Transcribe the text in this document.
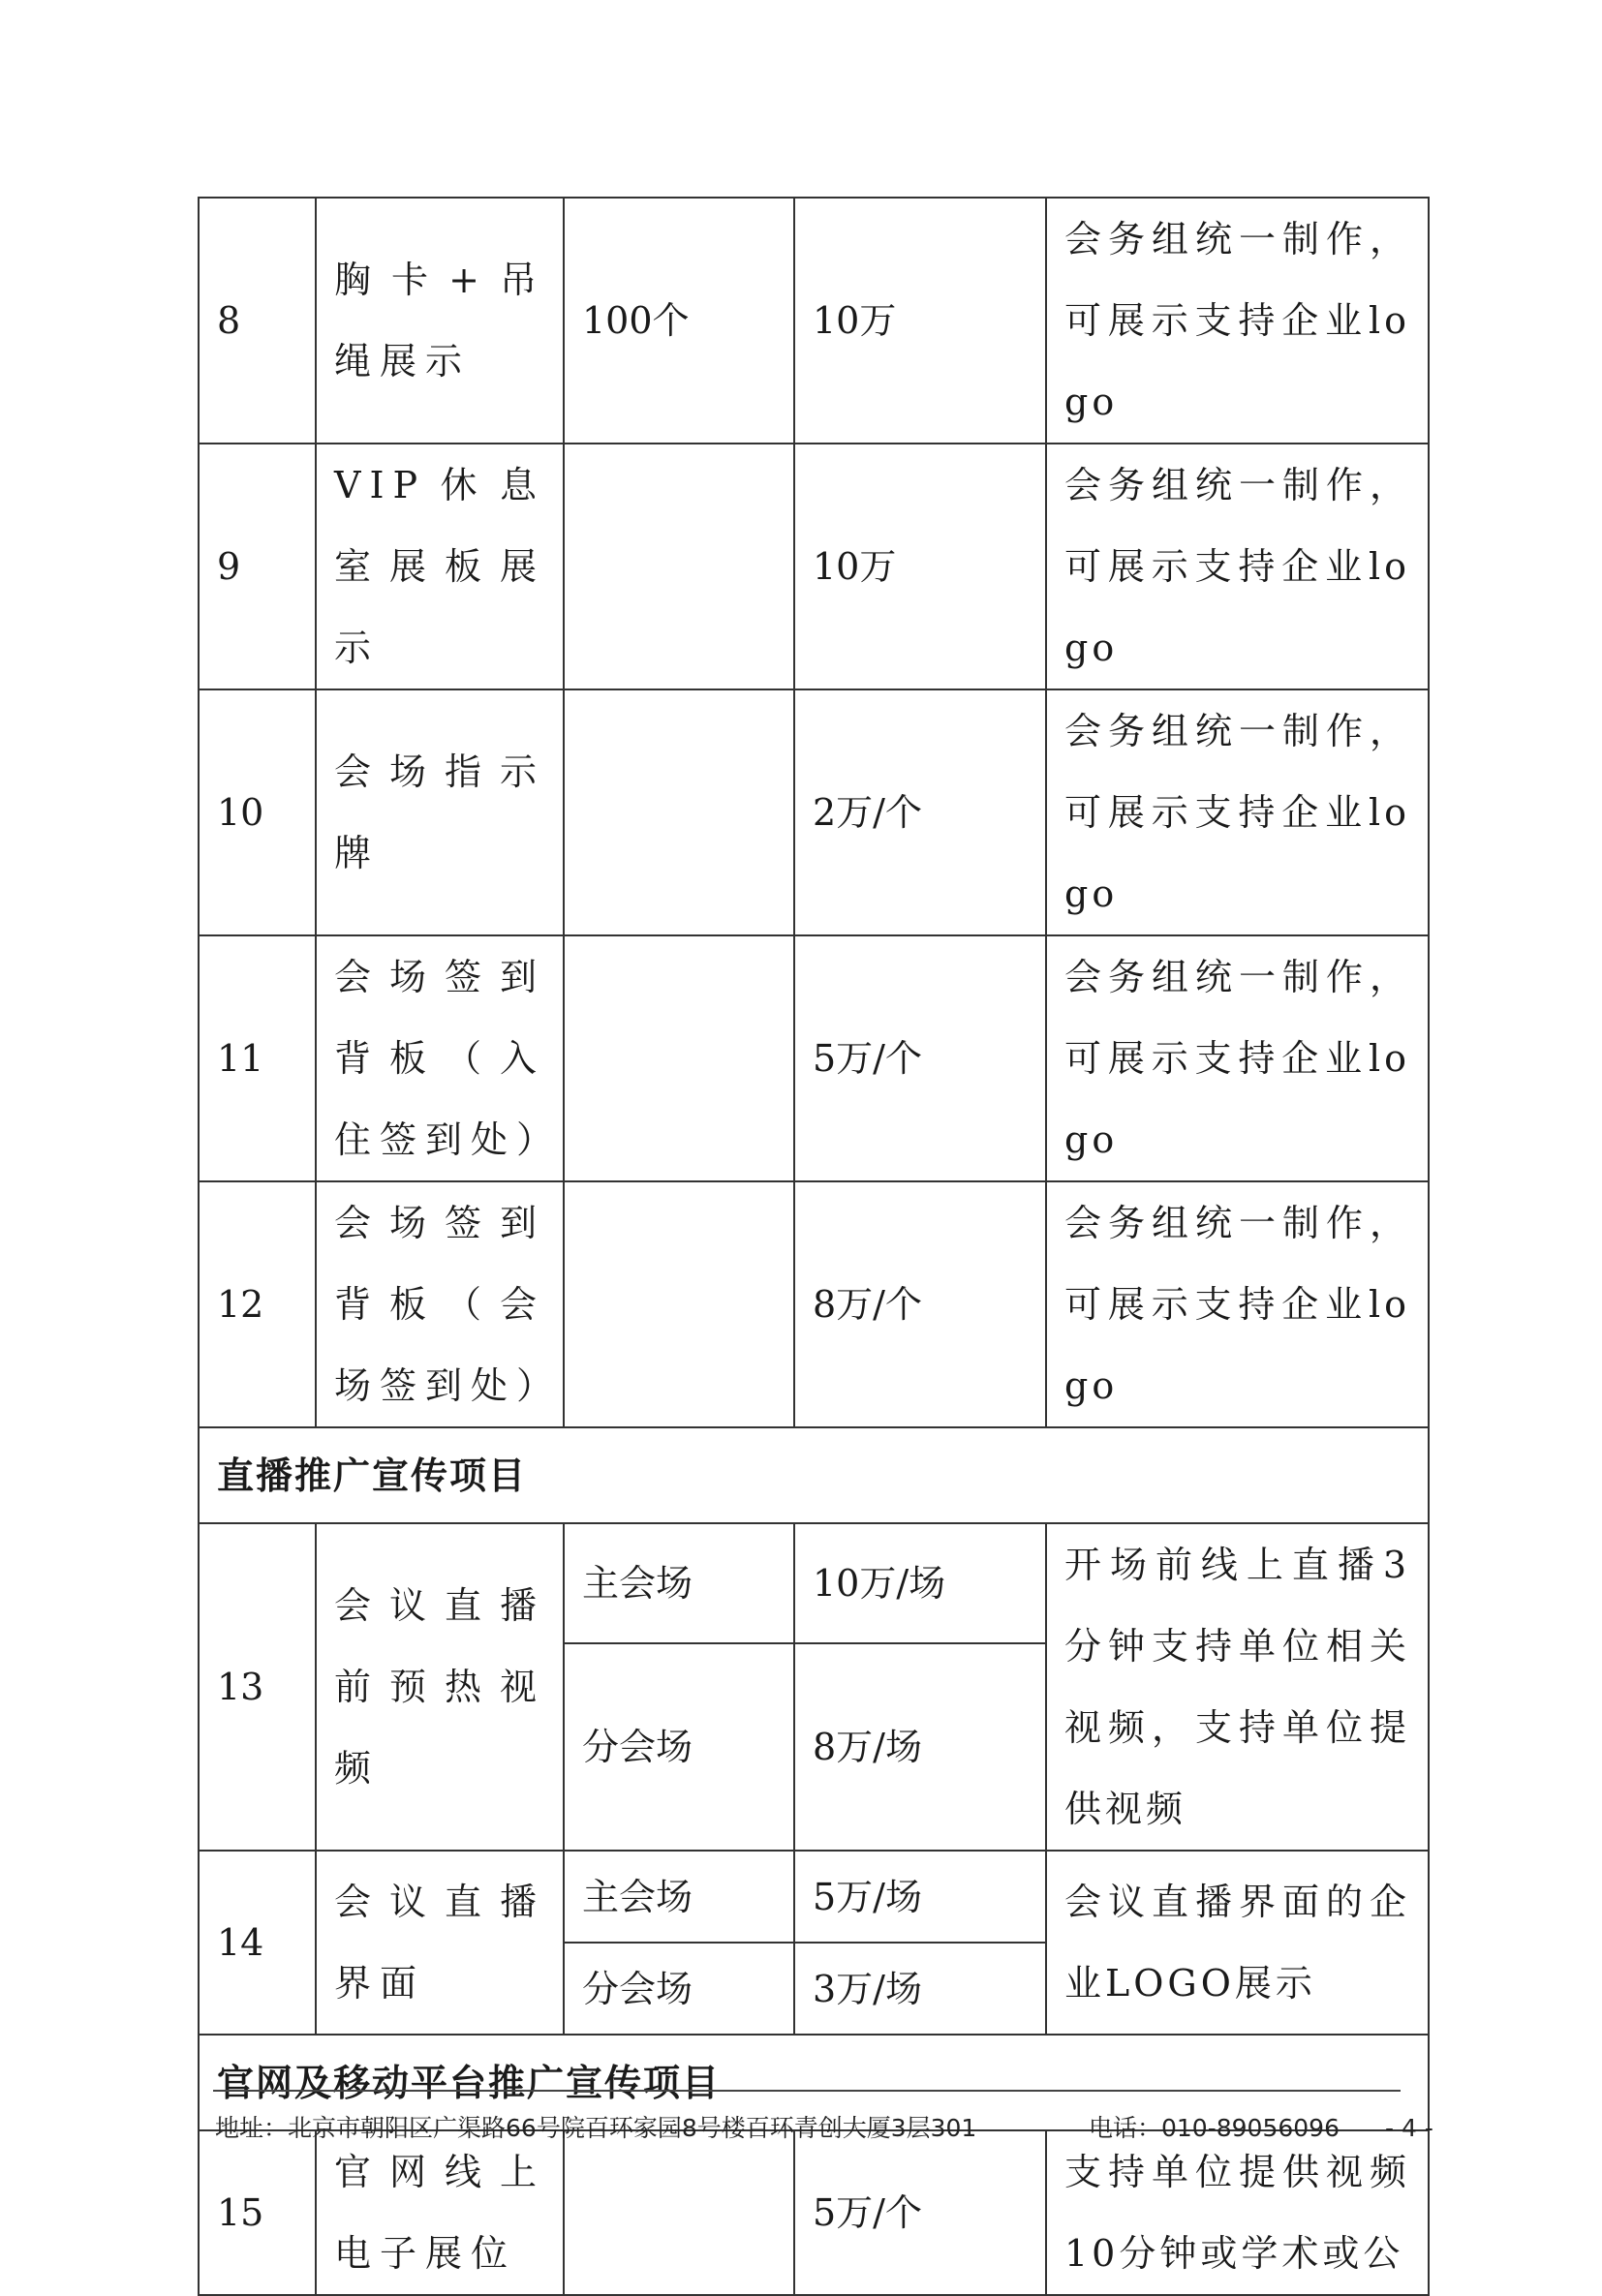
8	胸卡+吊绳展示	100个	10万	会务组统一制作，可展示支持企业logo
9	VIP休息室展板展示		10万	会务组统一制作，可展示支持企业logo
10	会场指示牌		2万/个	会务组统一制作，可展示支持企业logo
11	会场签到背板（入住签到处）		5万/个	会务组统一制作，可展示支持企业logo
12	会场签到背板（会场签到处）		8万/个	会务组统一制作，可展示支持企业logo
直播推广宣传项目				
13	会议直播前预热视频	主会场	10万/场	开场前线上直播3分钟支持单位相关视频，支持单位提供视频
		分会场	8万/场	
14	会议直播界面	主会场	5万/场	会议直播界面的企业LOGO展示
		分会场	3万/场	
官网及移动平台推广宣传项目				
15	官网线上电子展位		5万/个	支持单位提供视频10分钟或学术或公
地址：北京市朝阳区广渠路66号院百环家园8号楼百环青创大厦3层301	电话：010-89056096 - 4 -
